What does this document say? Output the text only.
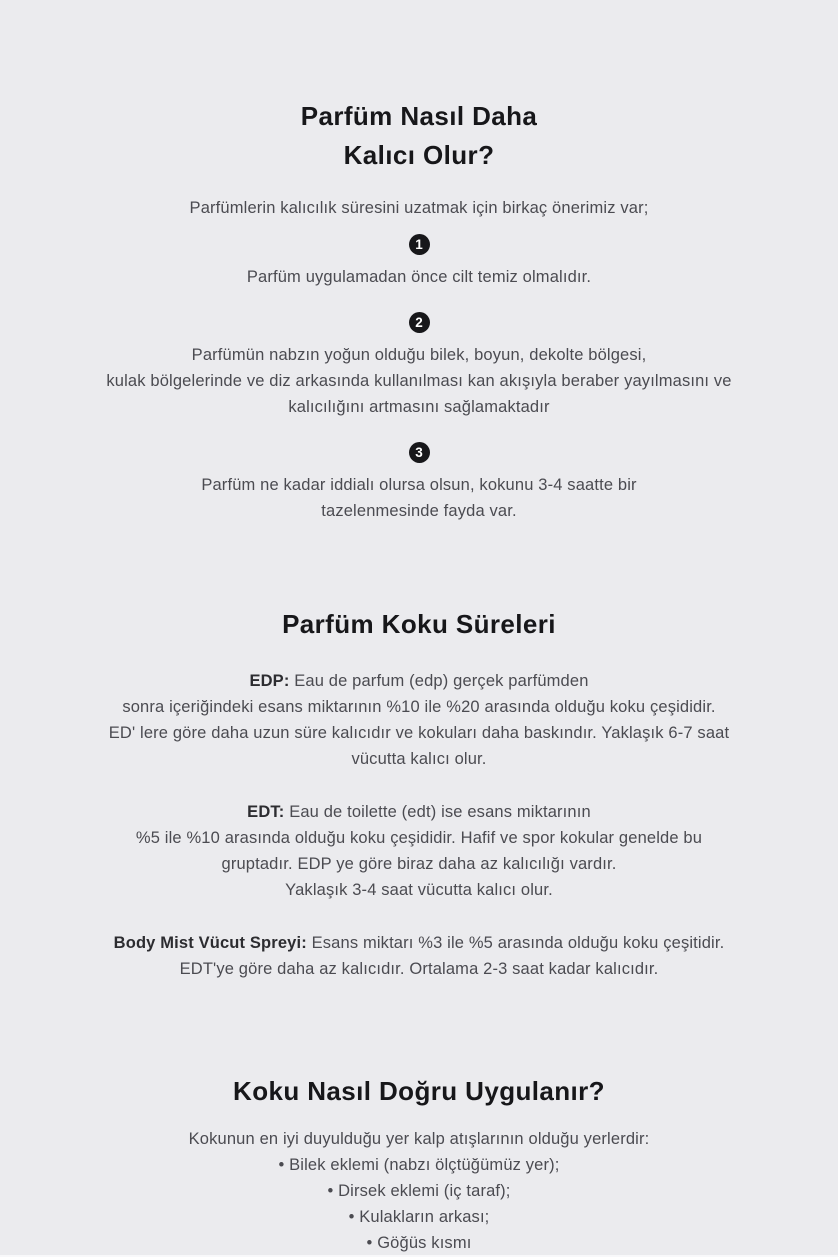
Parfüm Nasıl Daha
Kalıcı Olur?

Parfümlerin kalıcılık süresini uzatmak için birkaç önerimiz var;

1

Parfüm uygulamadan önce cilt temiz olmalıdır.

2

Parfümün nabzın yoğun olduğu bilek, boyun, dekolte bölgesi,
kulak bölgelerinde ve diz arkasında kullanılması kan akışıyla beraber yayılmasını ve
kalıcılığını artmasını sağlamaktadır

3

Parfüm ne kadar iddialı olursa olsun, kokunu 3-4 saatte bir
tazelenmesinde fayda var.

Parfüm Koku Süreleri

EDP: Eau de parfum (edp) gerçek parfümden
sonra içeriğindeki esans miktarının %10 ile %20 arasında olduğu koku çeşididir.
ED' lere göre daha uzun süre kalıcıdır ve kokuları daha baskındır. Yaklaşık 6-7 saat
vücutta kalıcı olur.

EDT: Eau de toilette (edt) ise esans miktarının
%5 ile %10 arasında olduğu koku çeşididir. Hafif ve spor kokular genelde bu
gruptadır. EDP ye göre biraz daha az kalıcılığı vardır.
Yaklaşık 3-4 saat vücutta kalıcı olur.

Body Mist Vücut Spreyi: Esans miktarı %3 ile %5 arasında olduğu koku çeşitidir.
EDT'ye göre daha az kalıcıdır. Ortalama 2-3 saat kadar kalıcıdır.

Koku Nasıl Doğru Uygulanır?

Kokunun en iyi duyulduğu yer kalp atışlarının olduğu yerlerdir:

• Bilek eklemi (nabzı ölçtüğümüz yer);
• Dirsek eklemi (iç taraf);
• Kulakların arkası;
• Göğüs kısmı
